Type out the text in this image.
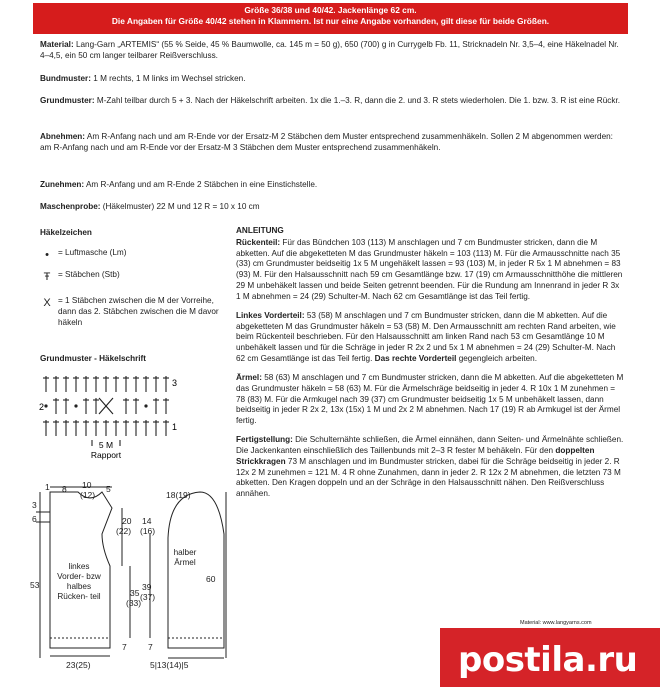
Größe 36/38 und 40/42. Jackenlänge 62 cm.
Die Angaben für Größe 40/42 stehen in Klammern. Ist nur eine Angabe vorhanden, gilt diese für beide Größen.
Material: Lang-Garn „ARTEMIS“ (55 % Seide, 45 % Baumwolle, ca. 145 m = 50 g), 650 (700) g in Currygelb Fb. 11, Stricknadeln Nr. 3,5–4, eine Häkelnadel Nr. 4–4,5, ein 50 cm langer teilbarer Reißverschluss.
Bundmuster: 1 M rechts, 1 M links im Wechsel stricken.
Grundmuster: M-Zahl teilbar durch 5 + 3. Nach der Häkelschrift arbeiten. 1x die 1.–3. R, dann die 2. und 3. R stets wiederholen. Die 1. bzw. 3. R ist eine Rückr.
Abnehmen: Am R-Anfang nach und am R-Ende vor der Ersatz-M 2 Stäbchen dem Muster entsprechend zusammenhäkeln. Sollen 2 M abgenommen werden: am R-Anfang nach und am R-Ende vor der Ersatz-M 3 Stäbchen dem Muster entsprechend zusammenhäkeln.
Zunehmen: Am R-Anfang und am R-Ende 2 Stäbchen in eine Einstichstelle.
Maschenprobe: (Häkelmuster) 22 M und 12 R = 10 x 10 cm
Häkelzeichen
•	= Luftmasche (Lm)
Ŧ = Stäbchen (Stb)
X = 1 Stäbchen zwischen die M der Vorreihe, dann das 2. Stäbchen zwischen die M davor häkeln
Grundmuster - Häkelschrift
3
2
1
5 M
Rapport
ANLEITUNG

Rückenteil: Für das Bündchen 103 (113) M anschlagen und 7 cm Bundmuster stricken, dann die M abketten. Auf die abgeketteten M das Grundmuster häkeln = 103 (113) M. Für die Armausschnitte nach 35 (33) cm Grundmuster beidseitig 1x 5 M ungehäkelt lassen = 93 (103) M, in jeder R 5x 1 M abnehmen = 83 (93) M. Für den Halsausschnitt nach 59 cm Gesamtlänge bzw. 17 (19) cm Armausschnitthöhe die mittleren 29 M unbehäkelt lassen und beide Seiten getrennt beenden. Für die Rundung am Innenrand in jeder R 3x 1 M abnehmen = 24 (29) Schulter-M. Nach 62 cm Gesamtlänge ist das Teil fertig.

Linkes Vorderteil: 53 (58) M anschlagen und 7 cm Bundmuster stricken, dann die M abketten. Auf die abgeketteten M das Grundmuster häkeln = 53 (58) M. Den Armausschnitt am rechten Rand arbeiten, wie beim Rückenteil beschrieben. Für den Halsausschnitt am linken Rand nach 53 cm Gesamtlänge 10 M unbehäkelt lassen und für die Schräge in jeder R 2x 2 und 5x 1 M abnehmen = 24 (29) Schulter-M. Nach 62 cm Gesamtlänge ist das Teil fertig. Das rechte Vorderteil gegengleich arbeiten.

Ärmel: 58 (63) M anschlagen und 7 cm Bundmuster stricken, dann die M abketten. Auf die abgeketteten M das Grundmuster häkeln = 58 (63) M. Für die Ärmelschräge beidseitig in jeder 4. R 10x 1 M zunehmen = 78 (83) M. Für die Armkugel nach 39 (37) cm Grundmuster beidseitig 1x 5 M unbehäkelt lassen, dann beidseitig in jeder R 2x 2, 13x (15x) 1 M und 2x 2 M abnehmen. Nach 17 (19) R ab Armkugel ist der Ärmel fertig.

Fertigstellung: Die Schulternähte schließen, die Ärmel einnähen, dann Seiten- und Ärmelnähte schließen. Die Jackenkanten einschließlich des Taillenbunds mit 2–3 R fester M behäkeln. Für den doppelten Strickkragen 73 M anschlagen und im Bundmuster stricken, dabei für die Schräge beidseitig in jeder 2. R 12x 2 M zunehmen = 121 M. 4 R ohne Zunahmen, dann in jeder 2. R 12x 2 M abnehmen, die letzten 73 M abketten. Den Kragen doppeln und an der Schräge in den Halsausschnitt nähen. Den Reißverschluss annähen.

1 8 10
(12)
5
3
6
53
20
(22)
35
(33)
7
23(25)
18(19)
14
(16)
39
(37)
60
7
5|13(14)|5
linkes Vorder- bzw halbes Rücken- teil
halber Ärmel
Material: www.langyarns.com
postila.ru
